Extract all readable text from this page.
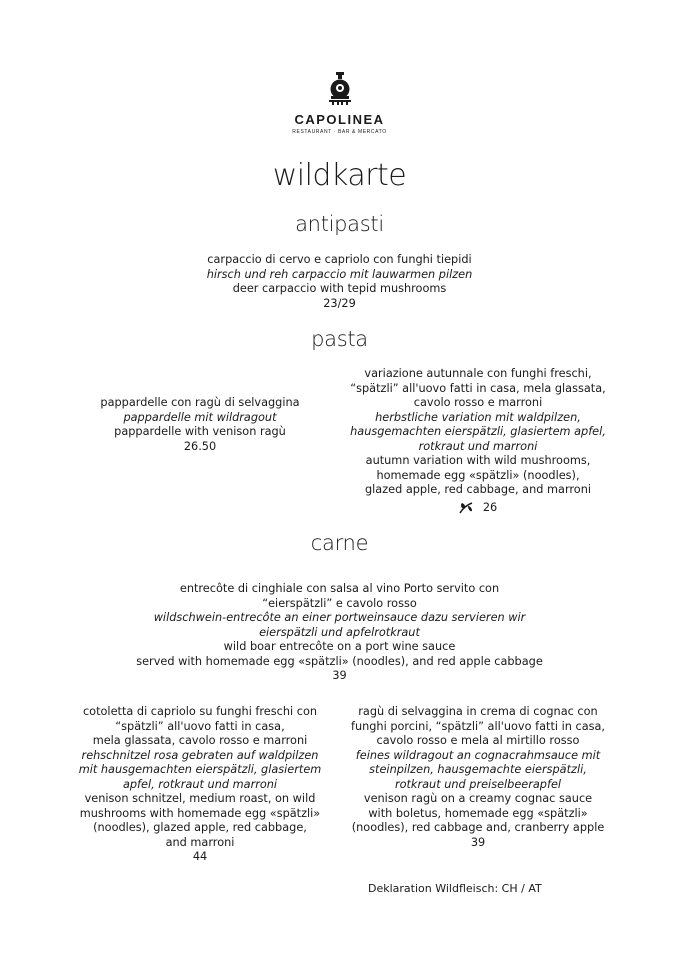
CAPOLINEA
RESTAURANT · BAR & MERCATO
wildkarte
antipasti
carpaccio di cervo e capriolo con funghi tiepidi
hirsch und reh carpaccio mit lauwarmen pilzen
deer carpaccio with tepid mushrooms
23/29
pasta
pappardelle con ragù di selvaggina
pappardelle mit wildragout
pappardelle with venison ragù
26.50
variazione autunnale con funghi freschi,
“spätzli” all'uovo fatti in casa, mela glassata,
cavolo rosso e marroni
herbstliche variation mit waldpilzen,
hausgemachten eierspätzli, glasiertem apfel,
rotkraut und marroni
autumn variation with wild mushrooms,
homemade egg «spätzli» (noodles),
glazed apple, red cabbage, and marroni
26
carne
entrecôte di cinghiale con salsa al vino Porto servito con
“eierspätzli” e cavolo rosso
wildschwein-entrecôte an einer portweinsauce dazu servieren wir
eierspätzli und apfelrotkraut
wild boar entrecôte on a port wine sauce
served with homemade egg «spätzli» (noodles), and red apple cabbage
39
cotoletta di capriolo su funghi freschi con
“spätzli” all'uovo fatti in casa,
mela glassata, cavolo rosso e marroni
rehschnitzel rosa gebraten auf waldpilzen
mit hausgemachten eierspätzli, glasiertem
apfel, rotkraut und marroni
venison schnitzel, medium roast, on wild
mushrooms with homemade egg «spätzli»
(noodles), glazed apple, red cabbage,
and marroni
44
ragù di selvaggina in crema di cognac con
funghi porcini, “spätzli” all'uovo fatti in casa,
cavolo rosso e mela al mirtillo rosso
feines wildragout an cognacrahmsauce mit
steinpilzen, hausgemachte eierspätzli,
rotkraut und preiselbeerapfel
venison ragù on a creamy cognac sauce
with boletus, homemade egg «spätzli»
(noodles), red cabbage and, cranberry apple
39
Deklaration Wildfleisch: CH / AT
